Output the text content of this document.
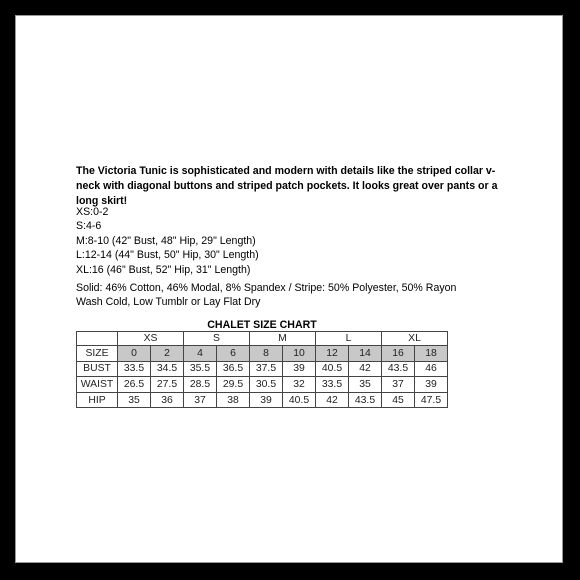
The Victoria Tunic is sophisticated and modern with details like the striped collar v-neck with diagonal buttons and striped patch pockets. It looks great over pants or a long skirt!

XS:0-2
S:4-6
M:8-10 (42" Bust, 48" Hip, 29" Length)
L:12-14 (44" Bust, 50" Hip, 30" Length)
XL:16 (46" Bust, 52" Hip, 31" Length)
Solid: 46% Cotton, 46% Modal, 8% Spandex / Stripe: 50% Polyester, 50% Rayon
Wash Cold, Low Tumblr or Lay Flat Dry
CHALET SIZE CHART
	XS		S		M		L		XL	
SIZE	0	2	4	6	8	10	12	14	16	18
BUST	33.5	34.5	35.5	36.5	37.5	39	40.5	42	43.5	46
WAIST	26.5	27.5	28.5	29.5	30.5	32	33.5	35	37	39
HIP	35	36	37	38	39	40.5	42	43.5	45	47.5
